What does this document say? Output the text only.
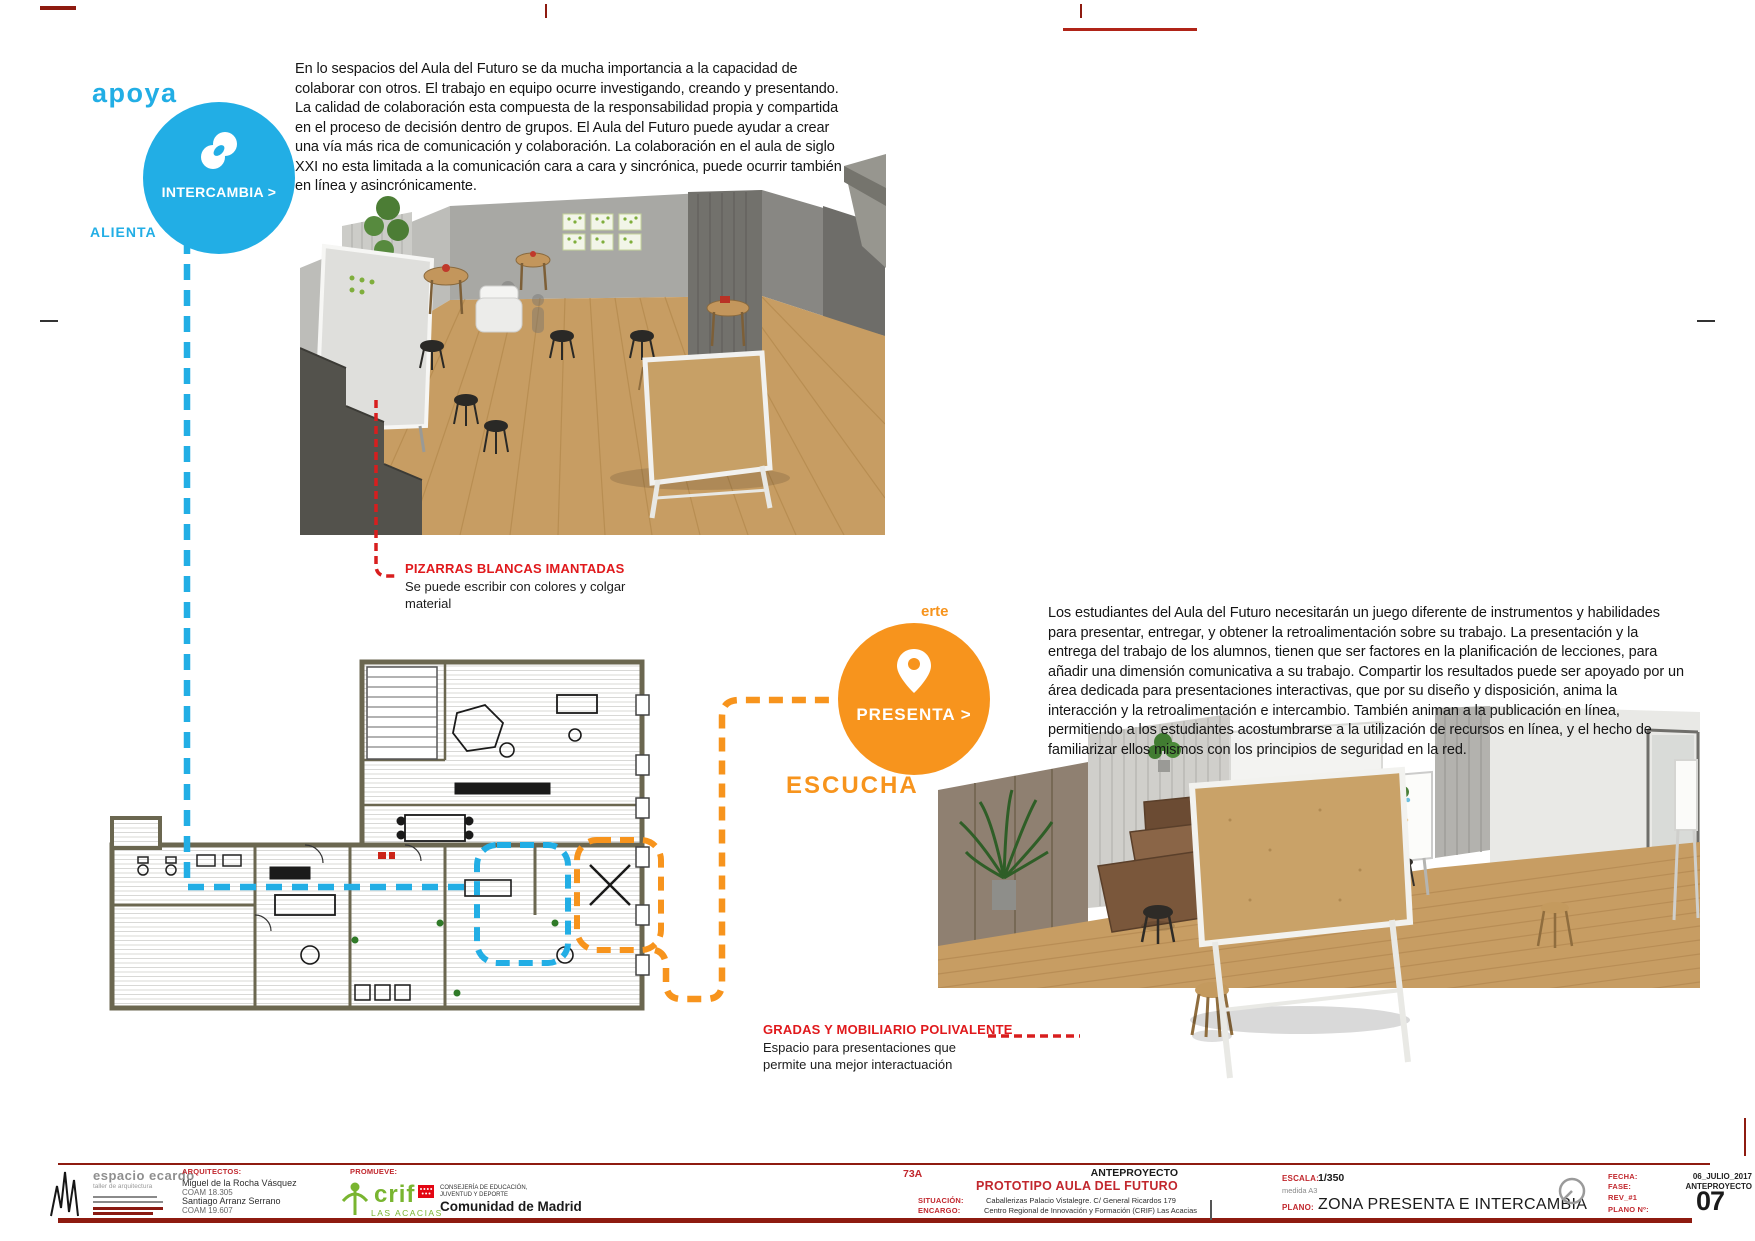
En lo sespacios del Aula del Futuro se da mucha importancia a la capacidad de colaborar con otros. El trabajo en equipo ocurre investigando, creando y presentando. La calidad de colaboración esta compuesta de la responsabilidad propia y compartida en el proceso de decisión dentro de grupos. El Aula del Futuro puede ayudar a crear una vía más rica de comunicación y colaboración. La colaboración en el aula de siglo XXI no esta limitada a la comunicación cara a cara y sincrónica, puede ocurrir también en línea y asincrónicamente.
apoya
INTERCAMBIA >
ALIENTA
PIZARRAS BLANCAS IMANTADAS
Se puede escribir con colores y colgar material	erte
PRESENTA >
ESCUCHA
Los estudiantes del Aula del Futuro necesitarán un juego diferente de instrumentos y habilidades para presentar, entregar, y obtener la retroalimentación sobre su trabajo. La presentación y la entrega del trabajo de los alumnos, tienen que ser factores en la planificación de lecciones, para añadir una dimensión comunicativa a su trabajo. Compartir los resultados puede ser apoyado por un área dedicada para presentaciones interactivas, que por su diseño y disposición, anima la interacción y la retroalimentación e intercambio. También animan a la publicación en línea, permitiendo a los estudiantes acostumbrarse a la utilización de recursos en línea, y el hecho de familiarizar ellos mismos con los principios de seguridad en la red.
GRADAS Y MOBILIARIO POLIVALENTE
Espacio para presentaciones que permite una mejor interactuación
espacio ecardo
taller de arquitectura
ARQUITECTOS:
Miguel de la Rocha Vásquez
COAM 18.305
Santiago Arranz Serrano
COAM 19.607
PROMUEVE:
crif
LAS ACACIAS
CONSEJERÍA DE EDUCACIÓN,
JUVENTUD Y DEPORTE
Comunidad de Madrid
73A	ANTEPROYECTO
PROTOTIPO AULA DEL FUTURO
SITUACIÓN:	Caballerizas Palacio Vistalegre. C/ General Ricardos 179
ENCARGO:	Centro Regional de Innovación y Formación (CRIF) Las Acacias
ESCALA: 1/350
medida A3
PLANO: ZONA PRESENTA E INTERCAMBIA
FECHA:	06_JULIO_2017
FASE:	ANTEPROYECTO
REV_#1
PLANO Nº: 07
